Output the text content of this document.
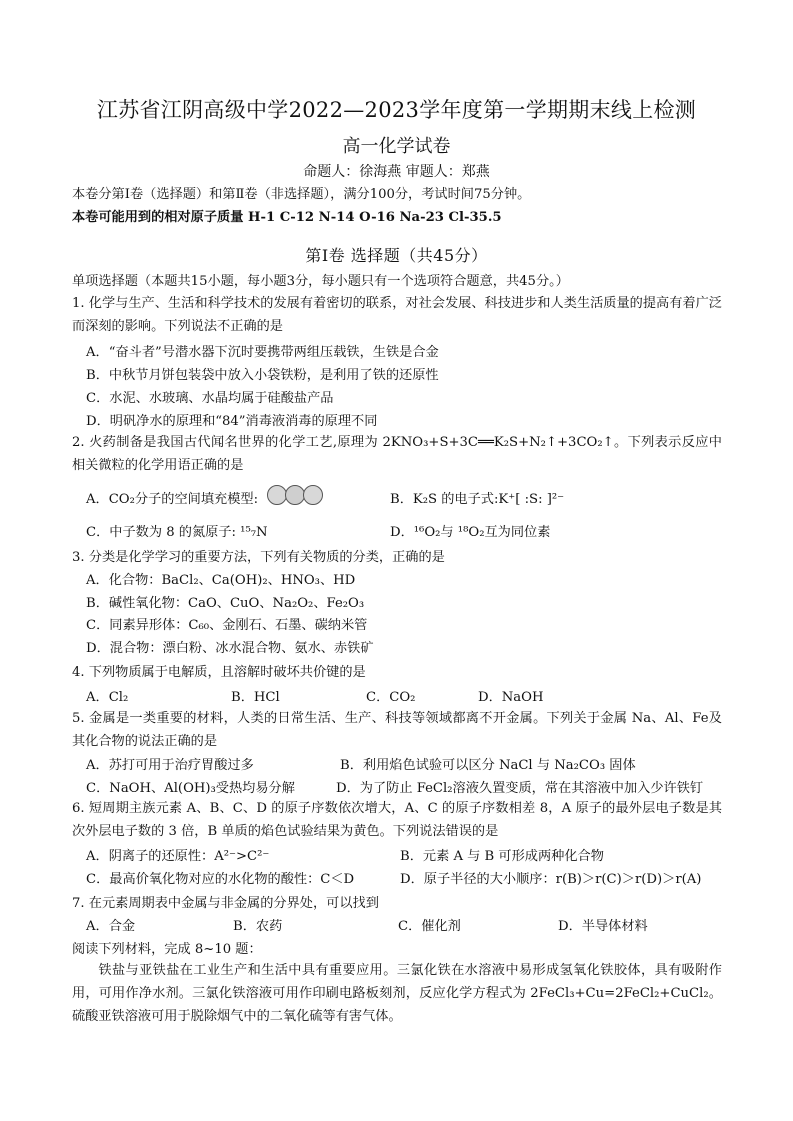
江苏省江阴高级中学2022—2023学年度第一学期期末线上检测
高一化学试卷
命题人：徐海燕 审题人：郑燕
本卷分第Ⅰ卷（选择题）和第Ⅱ卷（非选择题），满分100分，考试时间75分钟。
本卷可能用到的相对原子质量 H-1 C-12 N-14 O-16 Na-23 Cl-35.5
第Ⅰ卷 选择题（共45分）
单项选择题（本题共15小题，每小题3分，每小题只有一个选项符合题意，共45分。）
1. 化学与生产、生活和科学技术的发展有着密切的联系，对社会发展、科技进步和人类生活质量的提高有着广泛而深刻的影响。下列说法不正确的是
A．“奋斗者”号潜水器下沉时要携带两组压载铁，生铁是合金
B．中秋节月饼包装袋中放入小袋铁粉，是利用了铁的还原性
C．水泥、水玻璃、水晶均属于硅酸盐产品
D．明矾净水的原理和“84”消毒液消毒的原理不同
2. 火药制备是我国古代闻名世界的化学工艺,原理为 2KNO₃+S+3C══K₂S+N₂↑+3CO₂↑。下列表示反应中相关微粒的化学用语正确的是
A．CO₂分子的空间填充模型:	B．K₂S 的电子式:K⁺[ :S: ]²⁻
C．中子数为 8 的氮原子: ¹⁵₇N	D．¹⁶O₂与 ¹⁸O₂互为同位素
3. 分类是化学学习的重要方法，下列有关物质的分类，正确的是
A．化合物：BaCl₂、Ca(OH)₂、HNO₃、HD
B．碱性氧化物：CaO、CuO、Na₂O₂、Fe₂O₃
C．同素异形体：C₆₀、金刚石、石墨、碳纳米管
D．混合物：漂白粉、冰水混合物、氨水、赤铁矿
4. 下列物质属于电解质，且溶解时破坏共价键的是
A．Cl₂	B．HCl	C．CO₂	D．NaOH
5. 金属是一类重要的材料，人类的日常生活、生产、科技等领域都离不开金属。下列关于金属 Na、Al、Fe及其化合物的说法正确的是
A．苏打可用于治疗胃酸过多	B．利用焰色试验可以区分 NaCl 与 Na₂CO₃ 固体
C．NaOH、Al(OH)₃受热均易分解	D．为了防止 FeCl₂溶液久置变质，常在其溶液中加入少许铁钉
6. 短周期主族元素 A、B、C、D 的原子序数依次增大，A、C 的原子序数相差 8，A 原子的最外层电子数是其次外层电子数的 3 倍，B 单质的焰色试验结果为黄色。下列说法错误的是
A．阴离子的还原性：A²⁻>C²⁻	B．元素 A 与 B 可形成两种化合物
C．最高价氧化物对应的水化物的酸性：C＜D	D．原子半径的大小顺序：r(B)＞r(C)＞r(D)＞r(A)
7. 在元素周期表中金属与非金属的分界处，可以找到
A．合金	B．农药	C．催化剂	D．半导体材料
阅读下列材料，完成 8~10 题：
铁盐与亚铁盐在工业生产和生活中具有重要应用。三氯化铁在水溶液中易形成氢氧化铁胶体，具有吸附作用，可用作净水剂。三氯化铁溶液可用作印刷电路板刻剂，反应化学方程式为 2FeCl₃+Cu=2FeCl₂+CuCl₂。硫酸亚铁溶液可用于脱除烟气中的二氧化硫等有害气体。
